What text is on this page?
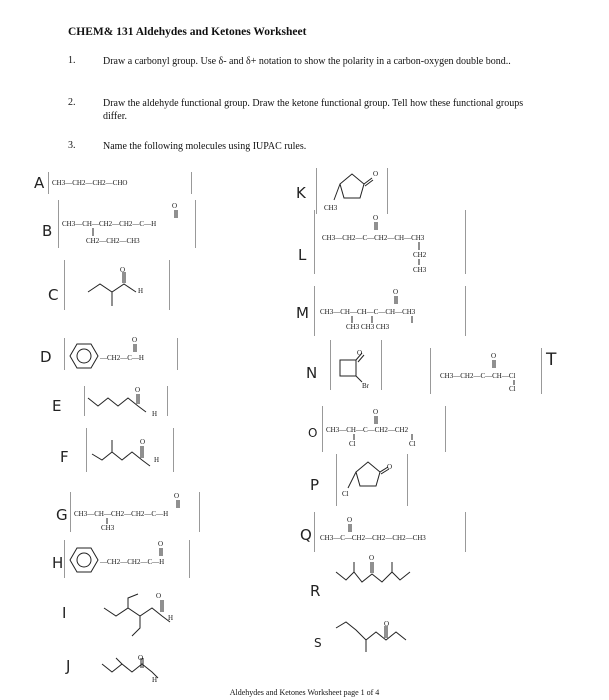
CHEM& 131 Aldehydes and Ketones Worksheet
1.	Draw a carbonyl group. Use δ- and δ+ notation to show the polarity in a carbon-oxygen double bond..
2.	Draw the aldehyde functional group. Draw the ketone functional group. Tell how these functional groups differ.
3.	Name the following molecules using IUPAC rules.
A CH3—CH2—CH2—CHO
B
O
CH3—CH—CH2—CH2—C—H
CH2—CH2—CH3
C
O
H
D	—CH2—C—H
O
E
O
H
F
O
H
G
O
CH3—CH—CH2—CH2—C—H
CH3
H	—CH2—CH2—C—H
O
I
O
H
J	O
H
K
O
CH3
L
O
CH3—CH2—C—CH2—CH—CH3
CH2
CH3
M
O
CH3—CH—CH—C—CH—CH3
CH3 CH3 CH3
N
O
Br
T
O
CH3—CH2—C—CH—Cl
Cl
O
O
CH3—CH—C—CH2—CH2
Cl	Cl
P
O
Cl
Q
O
CH3—C—CH2—CH2—CH2—CH3
R
O
S
O
Aldehydes and Ketones Worksheet page 1 of 4
